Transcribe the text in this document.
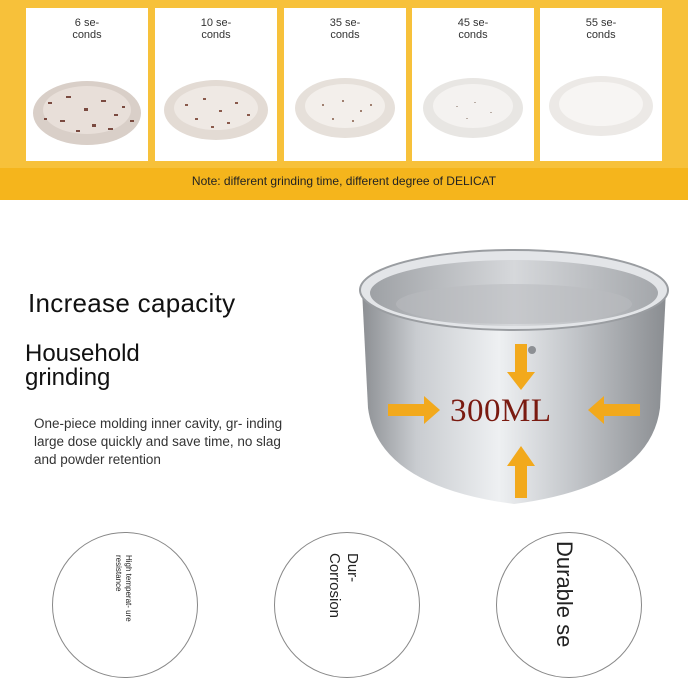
6 se-
conds
10 se-
conds
35 se-
conds
45 se-
conds
55 se-
conds
Note: different grinding time, different degree of DELICAT
Increase capacity
Household grinding
One-piece molding inner cavity, gr- inding large dose quickly and save time, no slag and powder retention
300ML
High temperat- ure resistance	Dur-
Corrosion	Durable se
